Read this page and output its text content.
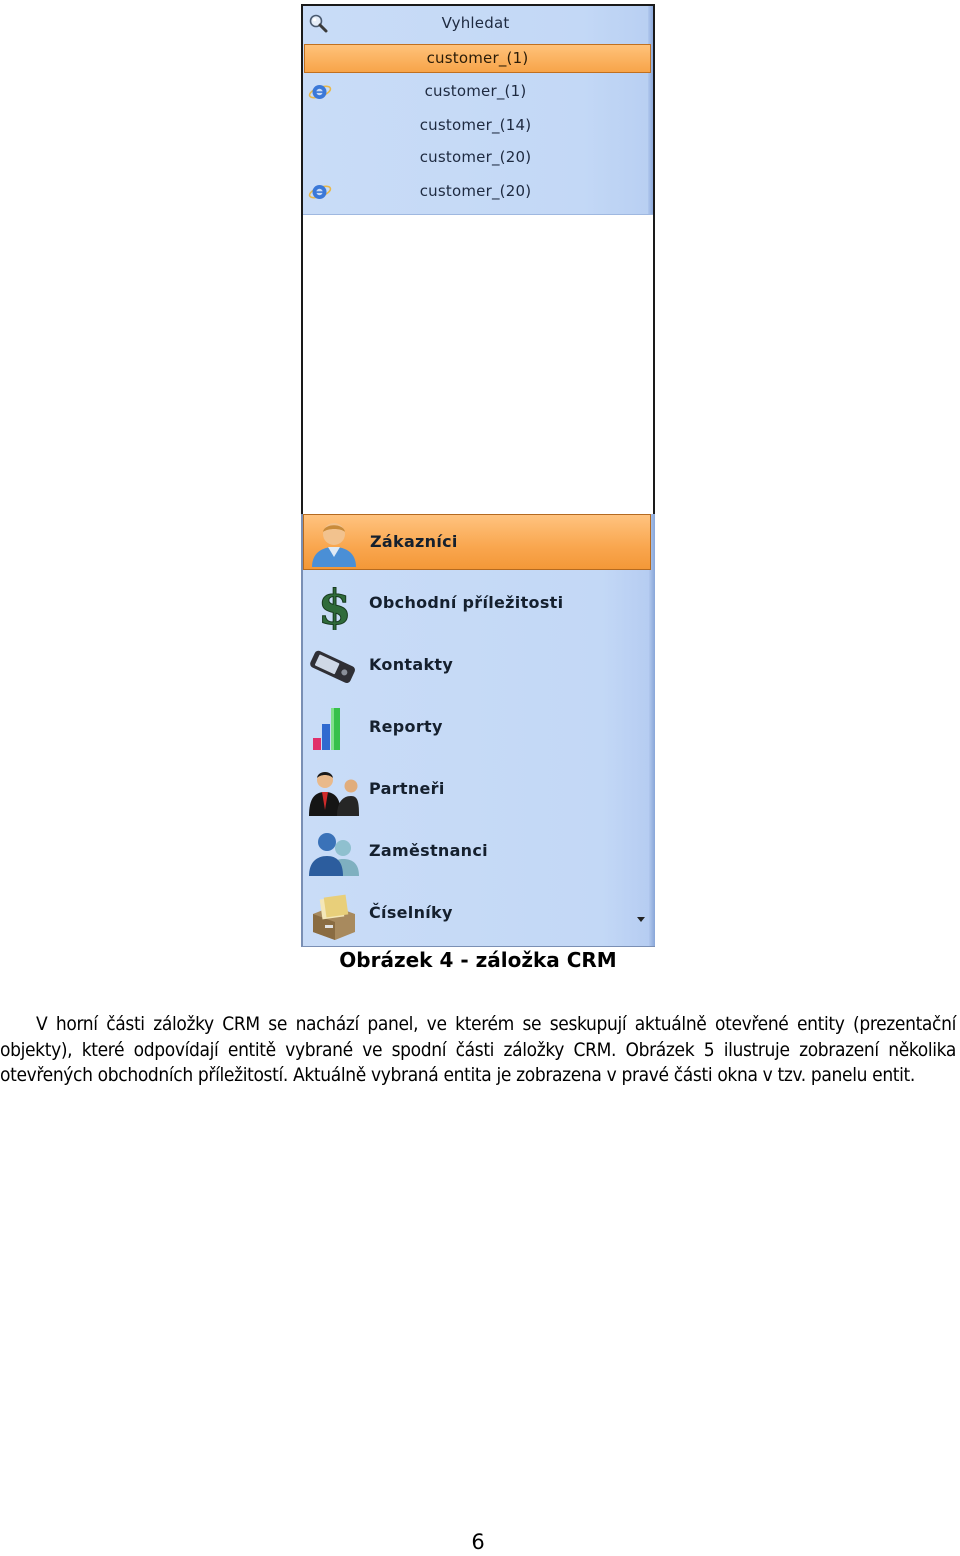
Vyhledat
customer_(1)
customer_(1)
customer_(14)
customer_(20)
customer_(20)
Zákazníci
$ Obchodní příležitosti
Kontakty
Reporty
Partneři
Zaměstnanci
Číselníky
Obrázek 4 - záložka CRM
V horní části záložky CRM se nachází panel, ve kterém se seskupují aktuálně otevřené entity (prezentační objekty), které odpovídají entitě vybrané ve spodní části záložky CRM. Obrázek 5 ilustruje zobrazení několika otevřených obchodních příležitostí. Aktuálně vybraná entita je zobrazena v pravé části okna v tzv. panelu entit.
6
